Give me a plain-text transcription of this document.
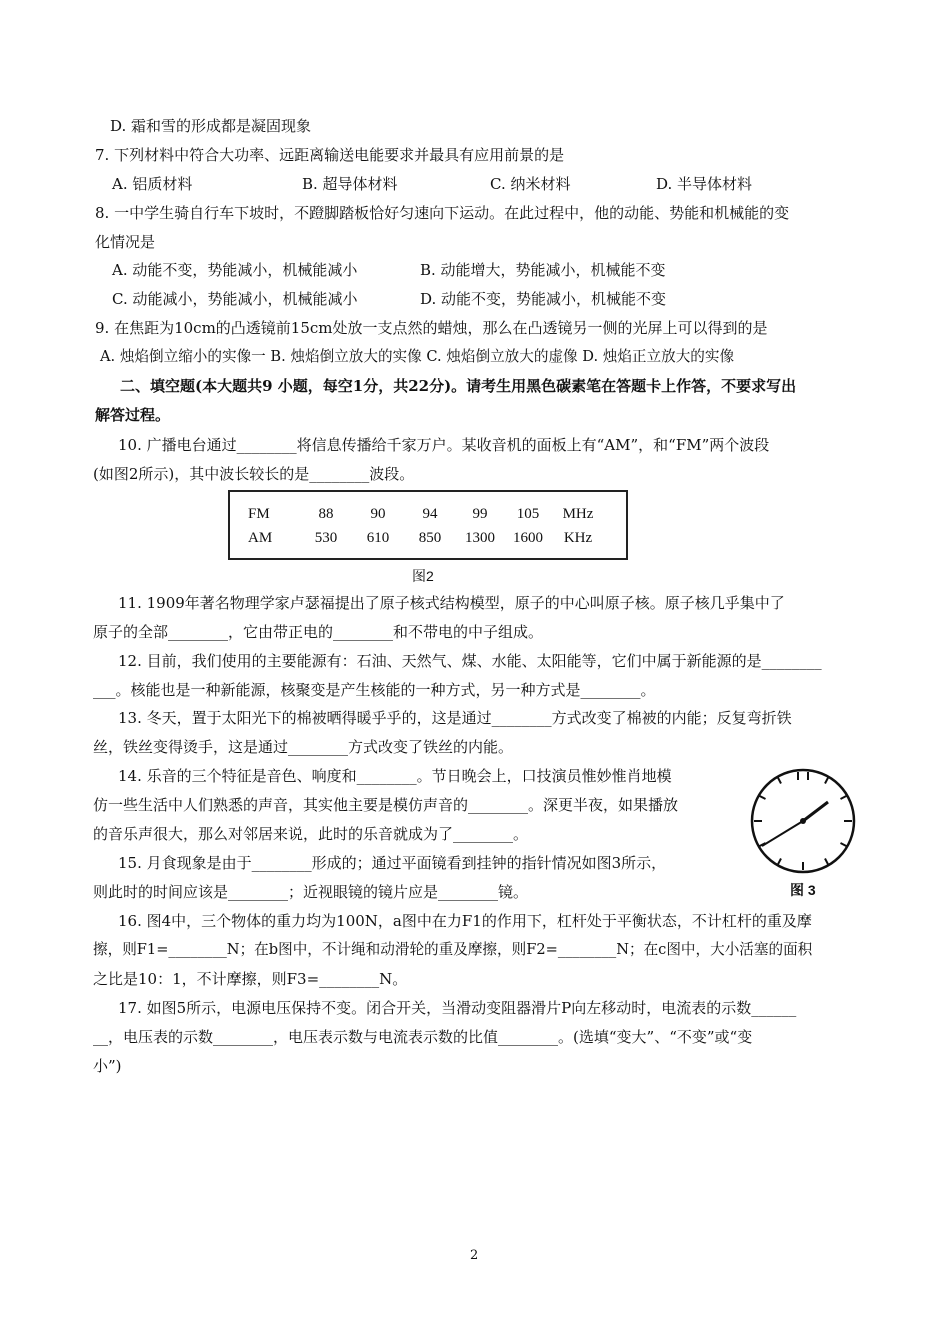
D. 霜和雪的形成都是凝固现象
7. 下列材料中符合大功率、远距离输送电能要求并最具有应用前景的是
A. 铝质材料	B. 超导体材料	C. 纳米材料	D. 半导体材料
8. 一中学生骑自行车下坡时，不蹬脚踏板恰好匀速向下运动。在此过程中，他的动能、势能和机械能的变
化情况是
A. 动能不变，势能减小，机械能减小	B. 动能增大，势能减小，机械能不变
C. 动能减小，势能减小，机械能减小	D. 动能不变，势能减小，机械能不变
9. 在焦距为10cm的凸透镜前15cm处放一支点然的蜡烛，那么在凸透镜另一侧的光屏上可以得到的是
A. 烛焰倒立缩小的实像一 B. 烛焰倒立放大的实像 C. 烛焰倒立放大的虚像 D. 烛焰正立放大的实像
二、填空题(本大题共9 小题，每空1分，共22分)。请考生用黑色碳素笔在答题卡上作答，不要求写出
解答过程。
10. 广播电台通过________将信息传播给千家万户。某收音机的面板上有“AM”，和“FM”两个波段
(如图2所示)，其中波长较长的是________波段。
FM	88	90	94	99	105	MHz
AM	530	610	850	1300	1600	KHz
图2
11. 1909年著名物理学家卢瑟福提出了原子核式结构模型，原子的中心叫原子核。原子核几乎集中了
原子的全部________，它由带正电的________和不带电的中子组成。
12. 目前，我们使用的主要能源有：石油、天然气、煤、水能、太阳能等，它们中属于新能源的是________
___。核能也是一种新能源，核聚变是产生核能的一种方式，另一种方式是________。
13. 冬天，置于太阳光下的棉被晒得暖乎乎的，这是通过________方式改变了棉被的内能；反复弯折铁
丝，铁丝变得烫手，这是通过________方式改变了铁丝的内能。
14. 乐音的三个特征是音色、响度和________。节日晚会上，口技演员惟妙惟肖地模
仿一些生活中人们熟悉的声音，其实他主要是模仿声音的________。深更半夜，如果播放
的音乐声很大，那么对邻居来说，此时的乐音就成为了________。
15. 月食现象是由于________形成的；通过平面镜看到挂钟的指针情况如图3所示，
则此时的时间应该是________；近视眼镜的镜片应是________镜。	图 3
16. 图4中，三个物体的重力均为100N，a图中在力F1的作用下，杠杆处于平衡状态，不计杠杆的重及摩
擦，则F1=________N；在b图中，不计绳和动滑轮的重及摩擦，则F2=________N；在c图中，大小活塞的面积
之比是10：1，不计摩擦，则F3=________N。
17. 如图5所示，电源电压保持不变。闭合开关，当滑动变阻器滑片P向左移动时，电流表的示数______
__，电压表的示数________，电压表示数与电流表示数的比值________。(选填“变大”、“不变”或“变
小”)
2
